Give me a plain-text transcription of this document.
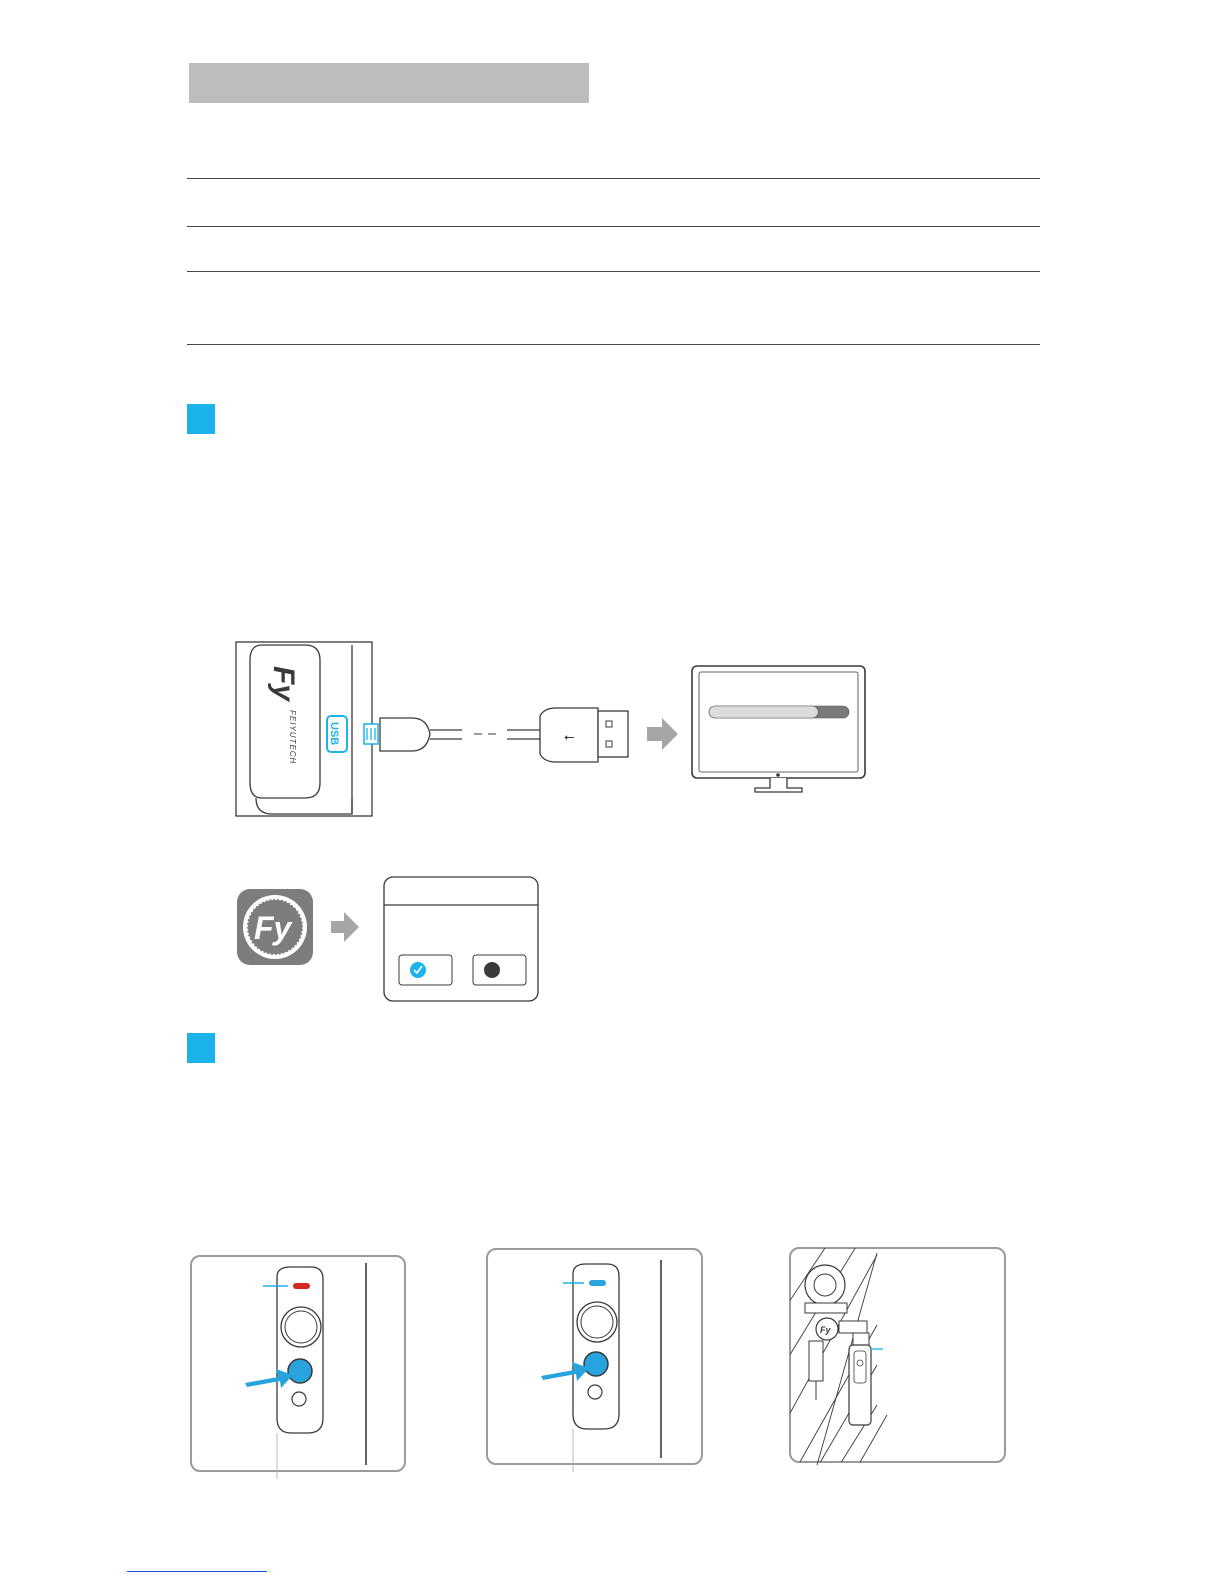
Fy
FEIYUTECH	USB	⭠
Fy
Fy
